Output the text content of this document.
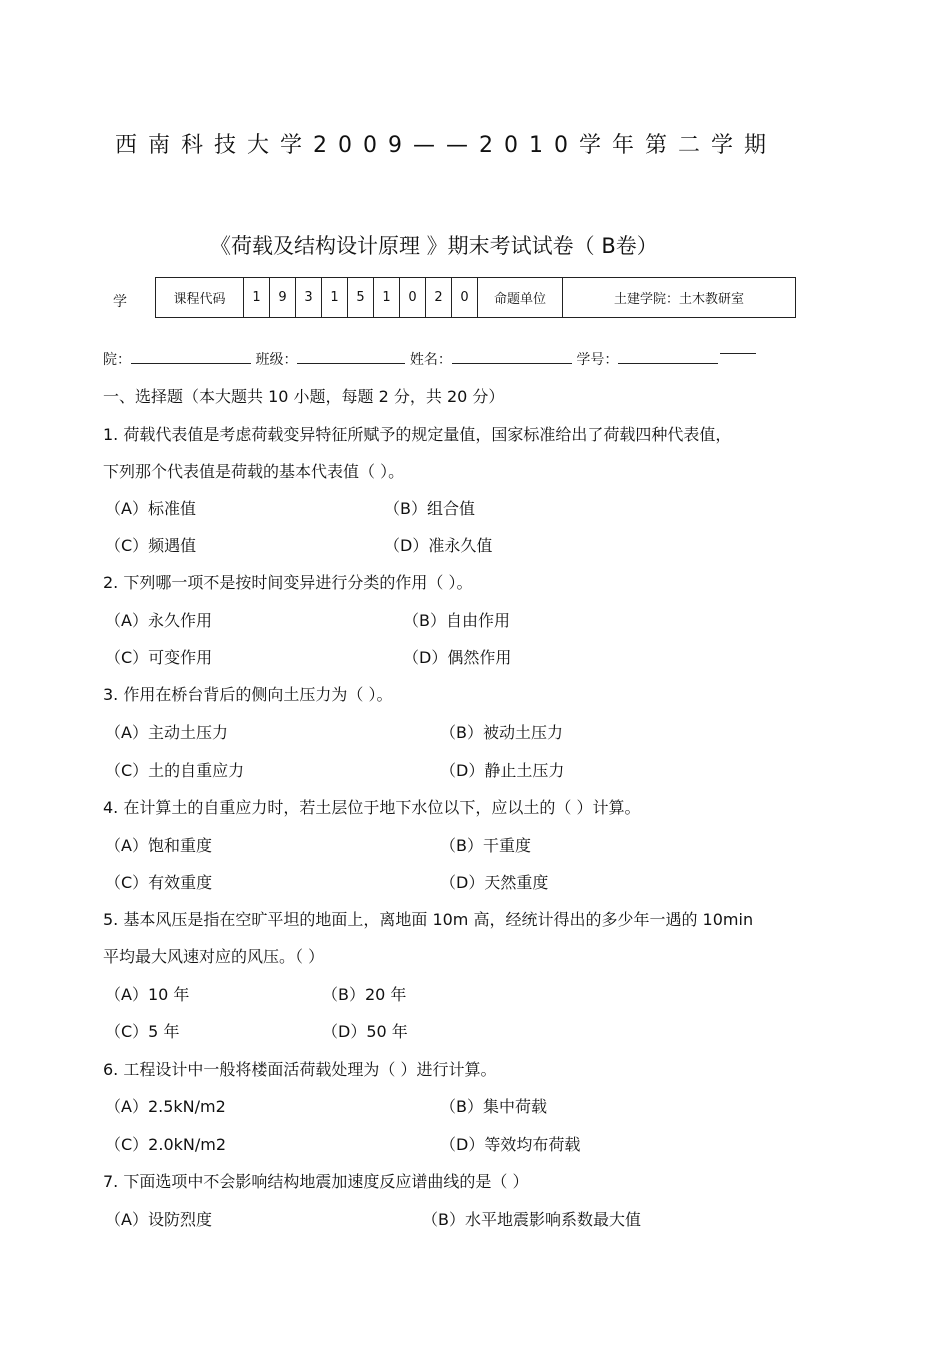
西南科技大学2009——2010学年第二学期
《荷载及结构设计原理 》期末考试试卷（ B卷）
学	课程代码	1	9	3	1	5	1	0	2	0	命题单位	土建学院：土木教研室
院：	班级：	姓名：	学号：
一、选择题（本大题共 10 小题，每题 2 分，共 20 分）
1. 荷载代表值是考虑荷载变异特征所赋予的规定量值，国家标准给出了荷载四种代表值，
下列那个代表值是荷载的基本代表值（ ）。
（A）标准值	（B）组合值
（C）频遇值	（D）准永久值
2. 下列哪一项不是按时间变异进行分类的作用（ ）。
（A）永久作用	（B）自由作用
（C）可变作用	（D）偶然作用
3. 作用在桥台背后的侧向土压力为（ ）。
（A）主动土压力	（B）被动土压力
（C）土的自重应力	（D）静止土压力
4. 在计算土的自重应力时，若土层位于地下水位以下，应以土的（ ）计算。
（A）饱和重度	（B）干重度
（C）有效重度	（D）天然重度
5. 基本风压是指在空旷平坦的地面上，离地面 10m 高，经统计得出的多少年一遇的 10min
平均最大风速对应的风压。（ ）
（A）10 年	（B）20 年
（C）5 年	（D）50 年
6. 工程设计中一般将楼面活荷载处理为（ ）进行计算。
（A）2.5kN/m2	（B）集中荷载
（C）2.0kN/m2	（D）等效均布荷载
7. 下面选项中不会影响结构地震加速度反应谱曲线的是（ ）
（A）设防烈度	（B）水平地震影响系数最大值
